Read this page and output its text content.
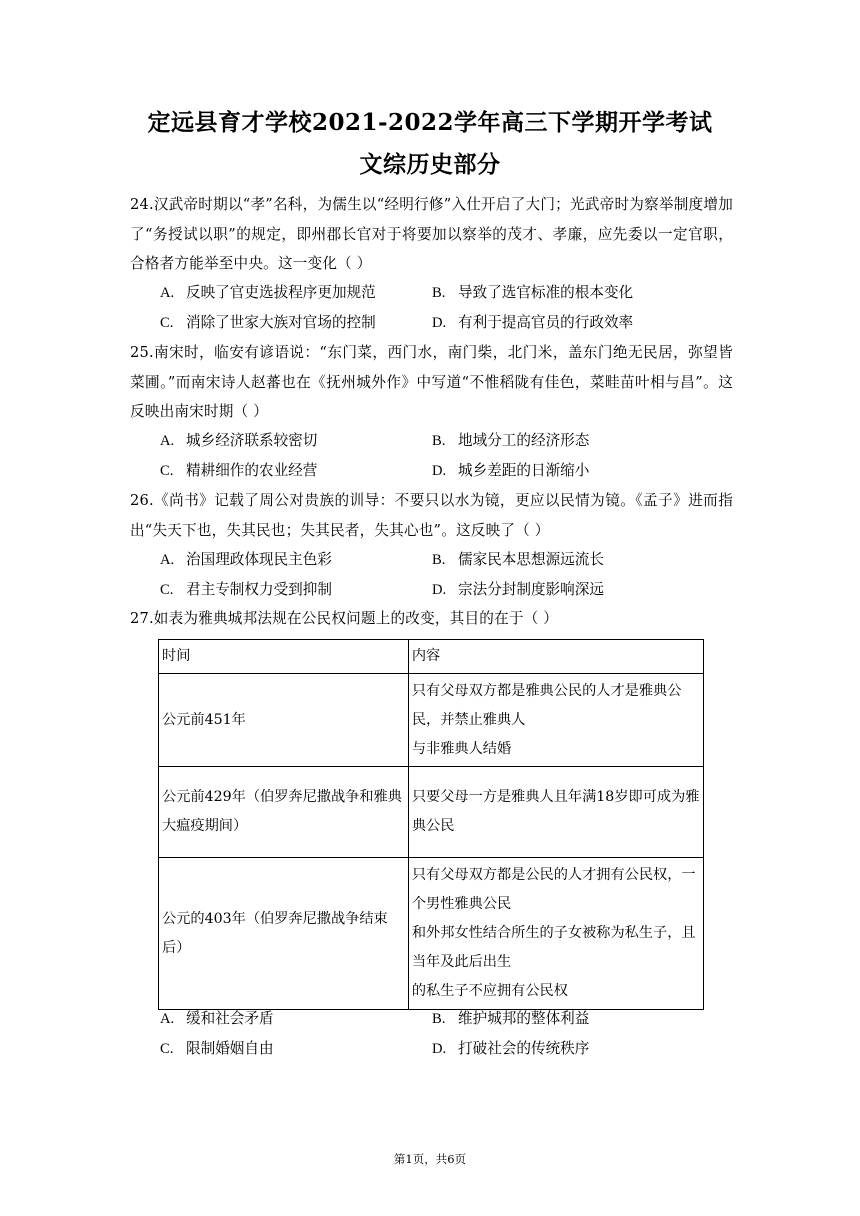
定远县育才学校2021-2022学年高三下学期开学考试
文综历史部分
24.汉武帝时期以“孝”名科，为儒生以“经明行修”入仕开启了大门；光武帝时为察举制度增加了“务授试以职”的规定，即州郡长官对于将要加以察举的茂才、孝廉，应先委以一定官职，合格者方能举至中央。这一变化（ ）
A. 反映了官吏选拔程序更加规范	B. 导致了选官标准的根本变化
C. 消除了世家大族对官场的控制	D. 有利于提高官员的行政效率
25.南宋时，临安有谚语说：“东门菜，西门水，南门柴，北门米，盖东门绝无民居，弥望皆菜圃。”而南宋诗人赵蕃也在《抚州城外作》中写道“不惟稻陇有佳色，菜畦苗叶相与昌”。这反映出南宋时期（ ）
A. 城乡经济联系较密切	B. 地域分工的经济形态
C. 精耕细作的农业经营	D. 城乡差距的日渐缩小
26.《尚书》记载了周公对贵族的训导：不要只以水为镜，更应以民情为镜。《孟子》进而指出“失天下也，失其民也；失其民者，失其心也”。这反映了（ ）
A. 治国理政体现民主色彩	B. 儒家民本思想源远流长
C. 君主专制权力受到抑制	D. 宗法分封制度影响深远
27.如表为雅典城邦法规在公民权问题上的改变，其目的在于（ ）
时间	内容
公元前451年	只有父母双方都是雅典公民的人才是雅典公民，并禁止雅典人
与非雅典人结婚

公元前429年（伯罗奔尼撒战争和雅典大瘟疫期间）	只要父母一方是雅典人且年满18岁即可成为雅典公民

公元的403年（伯罗奔尼撒战争结束后）	只有父母双方都是公民的人才拥有公民权，一个男性雅典公民
和外邦女性结合所生的子女被称为私生子，且当年及此后出生
的私生子不应拥有公民权
A. 缓和社会矛盾	B. 维护城邦的整体利益
C. 限制婚姻自由	D. 打破社会的传统秩序
第1页，共6页
